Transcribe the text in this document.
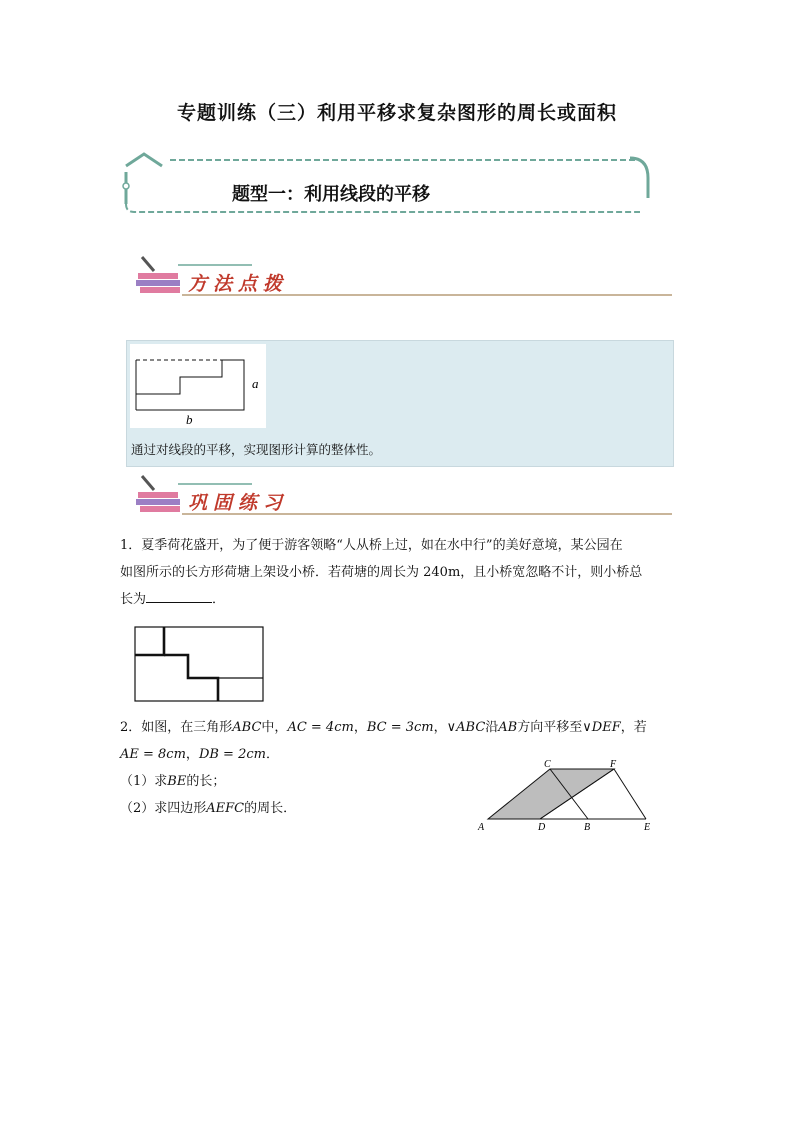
专题训练（三）利用平移求复杂图形的周长或面积
题型一：利用线段的平移
方法点拨
a
b
通过对线段的平移，实现图形计算的整体性。
巩固练习
1．夏季荷花盛开，为了便于游客领略“人从桥上过，如在水中行”的美好意境，某公园在
如图所示的长方形荷塘上架设小桥．若荷塘的周长为 240m，且小桥宽忽略不计，则小桥总
长为	．
2．如图，在三角形ABC中，AC = 4cm，BC = 3cm，∨ABC沿AB方向平移至∨DEF，若
AE = 8cm，DB = 2cm．
（1）求BE的长；
（2）求四边形AEFC的周长．
A	D	B	E
C	F
